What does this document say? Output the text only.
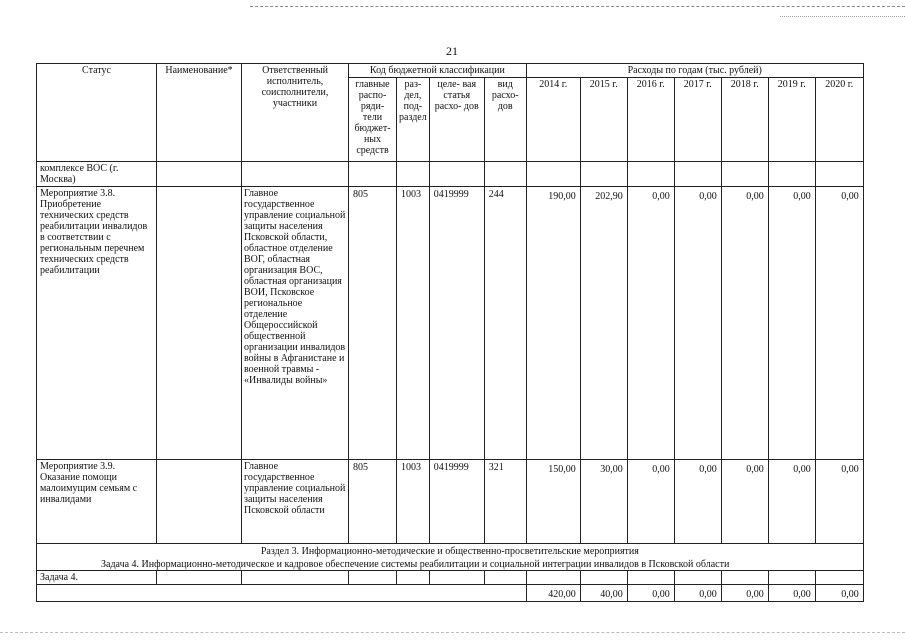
21
Статус	Наименование*	Ответственный исполнитель, соисполнители, участники	Код бюджетной классификации				Расходы по годам (тыс. рублей)						
			главные распо- ряди- тели бюджет- ных средств	раз- дел, под- раздел	целе- вая статья расхо- дов	вид расхо- дов	2014 г.	2015 г.	2016 г.	2017 г.	2018 г.	2019 г.	2020 г.
комплексе ВОС (г. Москва)													
Мероприятие 3.8. Приобретение технических средств реабилитации инвалидов в соответствии с региональным перечнем технических средств реабилитации		Главное государственное управление социальной защиты населения Псковской области, областное отделение ВОГ, областная организация ВОС, областная организация ВОИ, Псковское региональное отделение Общероссийской общественной организации инвалидов войны в Афганистане и военной травмы - «Инвалиды войны»	805	1003	0419999	244	190,00	202,90	0,00	0,00	0,00	0,00	0,00
Мероприятие 3.9. Оказание помощи малоимущим семьям с инвалидами		Главное государственное управление социальной защиты населения Псковской области	805	1003	0419999	321	150,00	30,00	0,00	0,00	0,00	0,00	0,00
Раздел 3. Информационно-методические и общественно-просветительские мероприятия													
Задача 4. Информационно-методическое и кадровое обеспечение системы реабилитации и социальной интеграции инвалидов в Псковской области													
Задача 4.													
							420,00	40,00	0,00	0,00	0,00	0,00	0,00
